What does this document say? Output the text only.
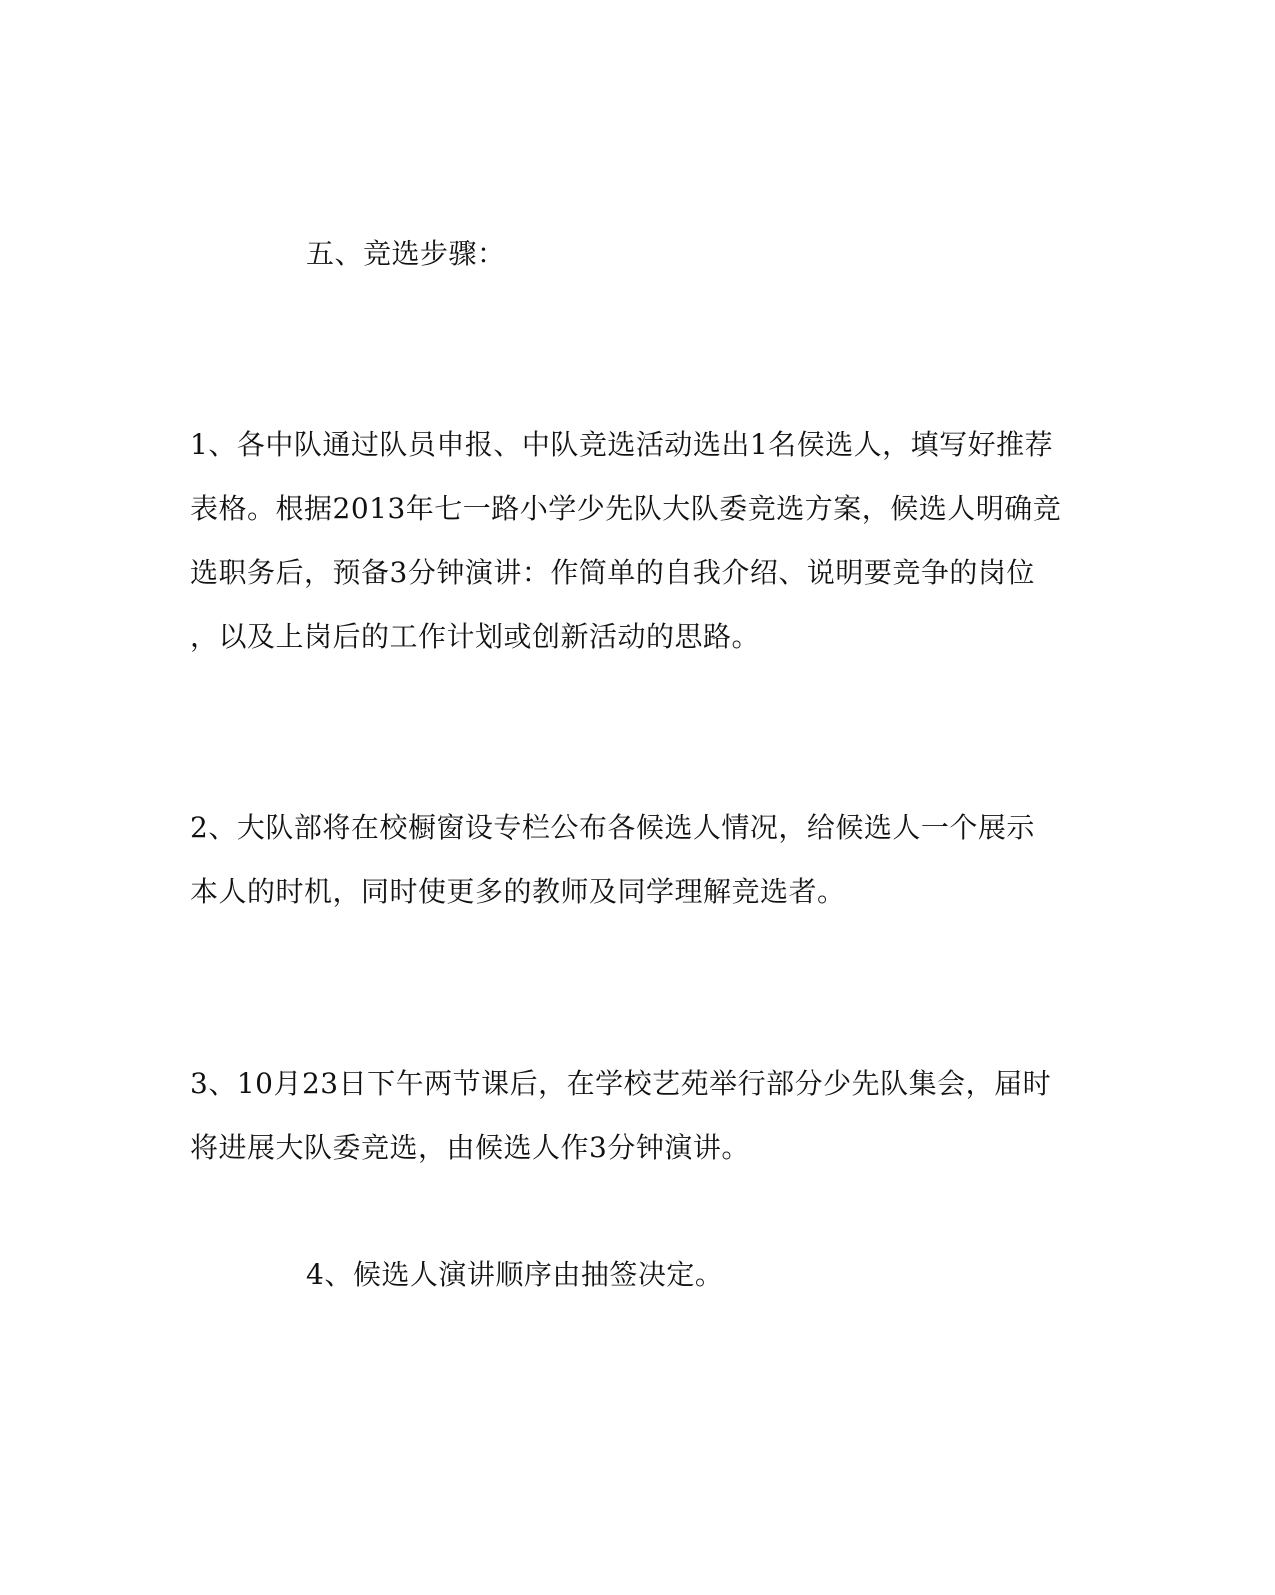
五、竞选步骤：
1、各中队通过队员申报、中队竞选活动选出1名侯选人，填写好推荐
表格。根据2013年七一路小学少先队大队委竞选方案，候选人明确竞
选职务后，预备3分钟演讲：作简单的自我介绍、说明要竞争的岗位
，以及上岗后的工作计划或创新活动的思路。
2、大队部将在校橱窗设专栏公布各候选人情况，给候选人一个展示
本人的时机，同时使更多的教师及同学理解竞选者。
3、10月23日下午两节课后，在学校艺苑举行部分少先队集会，届时
将进展大队委竞选，由候选人作3分钟演讲。
4、候选人演讲顺序由抽签决定。
